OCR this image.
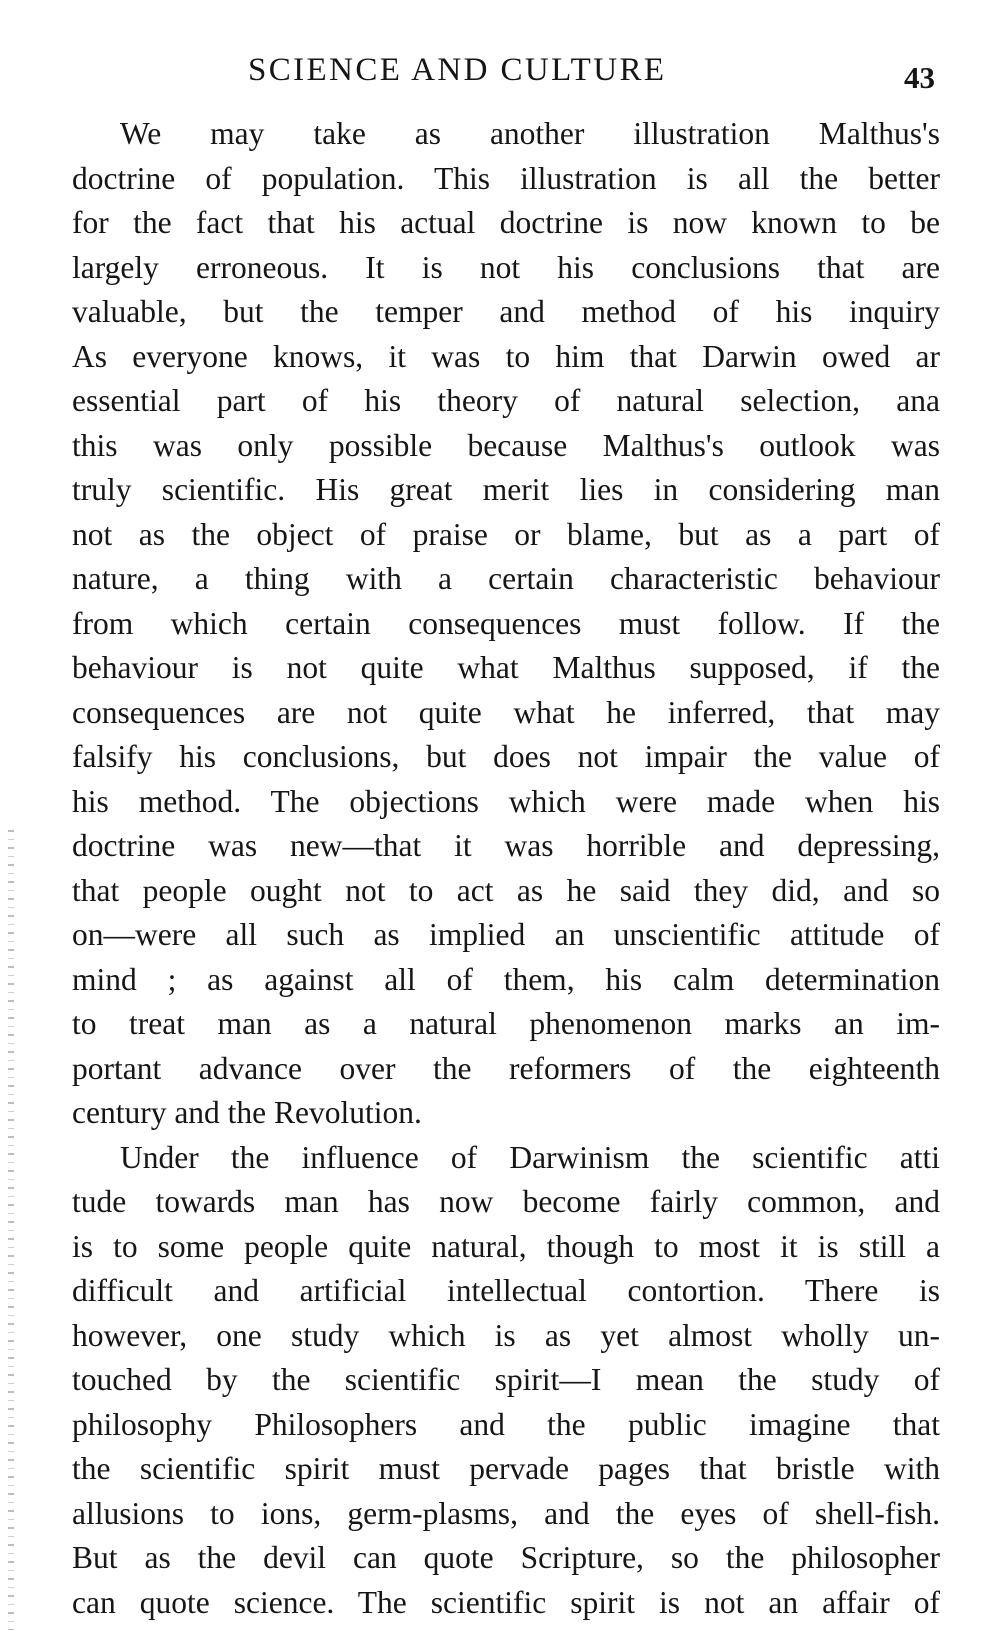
SCIENCE AND CULTURE	43
We may take as another illustration Malthus's
doctrine of population. This illustration is all the better
for the fact that his actual doctrine is now known to be
largely erroneous. It is not his conclusions that are
valuable, but the temper and method of his inquiry
As everyone knows, it was to him that Darwin owed ar
essential part of his theory of natural selection, ana
this was only possible because Malthus's outlook was
truly scientific. His great merit lies in considering man
not as the object of praise or blame, but as a part of
nature, a thing with a certain characteristic behaviour
from which certain consequences must follow. If the
behaviour is not quite what Malthus supposed, if the
consequences are not quite what he inferred, that may
falsify his conclusions, but does not impair the value of
his method. The objections which were made when his
doctrine was new—that it was horrible and depressing,
that people ought not to act as he said they did, and so
on—were all such as implied an unscientific attitude of
mind ; as against all of them, his calm determination
to treat man as a natural phenomenon marks an im-
portant advance over the reformers of the eighteenth
century and the Revolution.
Under the influence of Darwinism the scientific atti
tude towards man has now become fairly common, and
is to some people quite natural, though to most it is still a
difficult and artificial intellectual contortion. There is
however, one study which is as yet almost wholly un-
touched by the scientific spirit—I mean the study of
philosophy Philosophers and the public imagine that
the scientific spirit must pervade pages that bristle with
allusions to ions, germ-plasms, and the eyes of shell-fish.
But as the devil can quote Scripture, so the philosopher
can quote science. The scientific spirit is not an affair of
